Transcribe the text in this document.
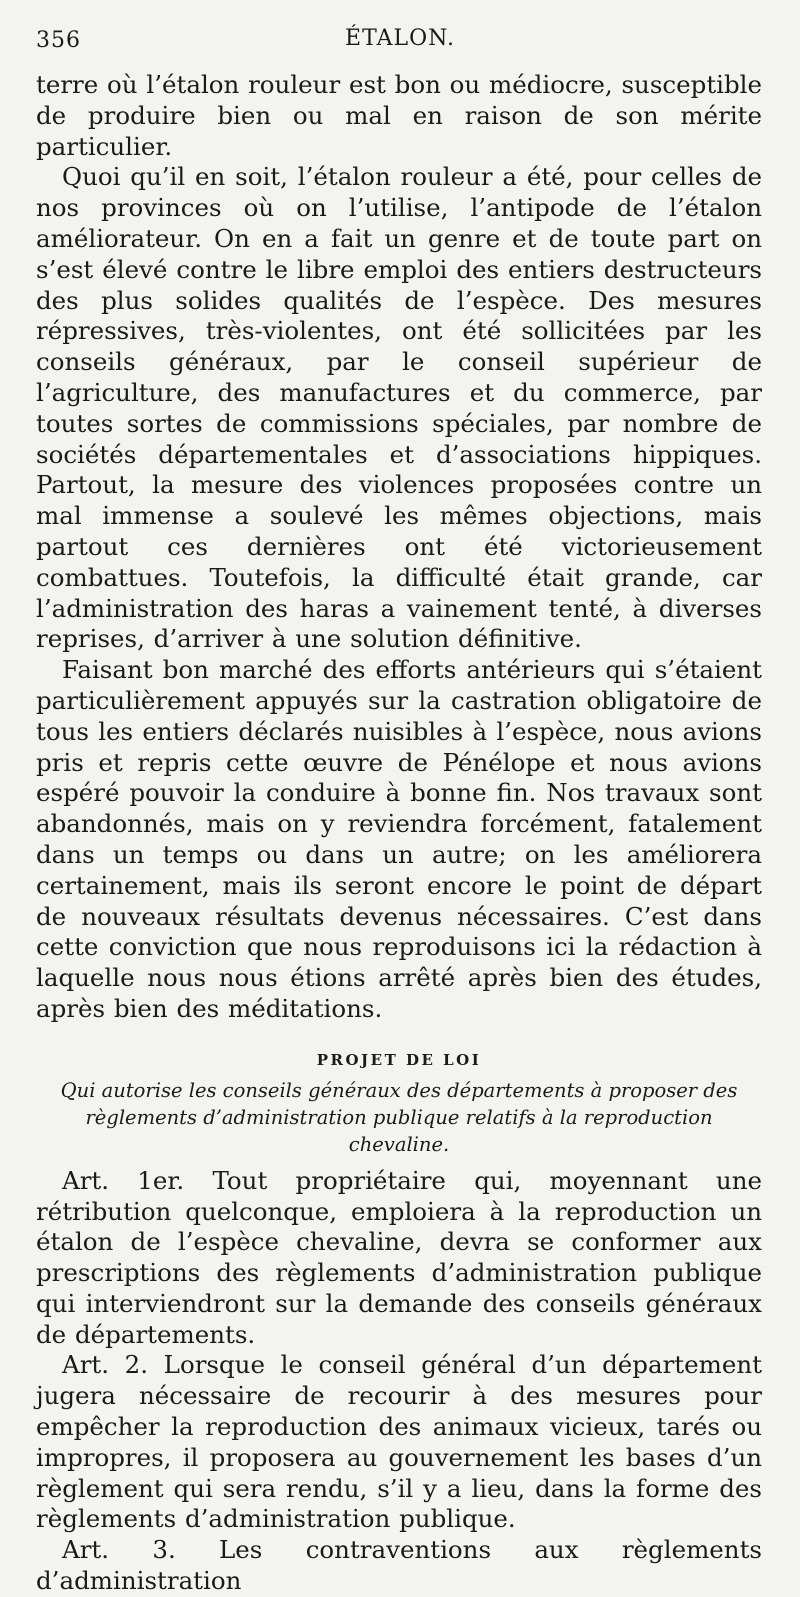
356	ÉTALON.

terre où l’étalon rouleur est bon ou médiocre, susceptible de produire bien ou mal en raison de son mérite particulier.

Quoi qu’il en soit, l’étalon rouleur a été, pour celles de nos provinces où on l’utilise, l’antipode de l’étalon améliorateur. On en a fait un genre et de toute part on s’est élevé contre le libre emploi des entiers destructeurs des plus solides qualités de l’espèce. Des mesures répressives, très-violentes, ont été sollicitées par les conseils généraux, par le conseil supérieur de l’agriculture, des manufactures et du commerce, par toutes sortes de commissions spéciales, par nombre de sociétés départementales et d’associations hippiques. Partout, la mesure des violences proposées contre un mal immense a soulevé les mêmes objections, mais partout ces dernières ont été victorieusement combattues. Toutefois, la difficulté était grande, car l’administration des haras a vainement tenté, à diverses reprises, d’arriver à une solution définitive.

Faisant bon marché des efforts antérieurs qui s’étaient particulièrement appuyés sur la castration obligatoire de tous les entiers déclarés nuisibles à l’espèce, nous avions pris et repris cette œuvre de Pénélope et nous avions espéré pouvoir la conduire à bonne fin. Nos travaux sont abandonnés, mais on y reviendra forcément, fatalement dans un temps ou dans un autre; on les améliorera certainement, mais ils seront encore le point de départ de nouveaux résultats devenus nécessaires. C’est dans cette conviction que nous reproduisons ici la rédaction à laquelle nous nous étions arrêté après bien des études, après bien des méditations.

PROJET DE LOI
Qui autorise les conseils généraux des départements à proposer des règlements d’administration publique relatifs à la reproduction chevaline.

Art. 1er. Tout propriétaire qui, moyennant une rétribution quelconque, emploiera à la reproduction un étalon de l’espèce chevaline, devra se conformer aux prescriptions des règlements d’administration publique qui interviendront sur la demande des conseils généraux de départements.

Art. 2. Lorsque le conseil général d’un département jugera nécessaire de recourir à des mesures pour empêcher la reproduction des animaux vicieux, tarés ou impropres, il proposera au gouvernement les bases d’un règlement qui sera rendu, s’il y a lieu, dans la forme des règlements d’administration publique.

Art. 3. Les contraventions aux règlements d’administration
